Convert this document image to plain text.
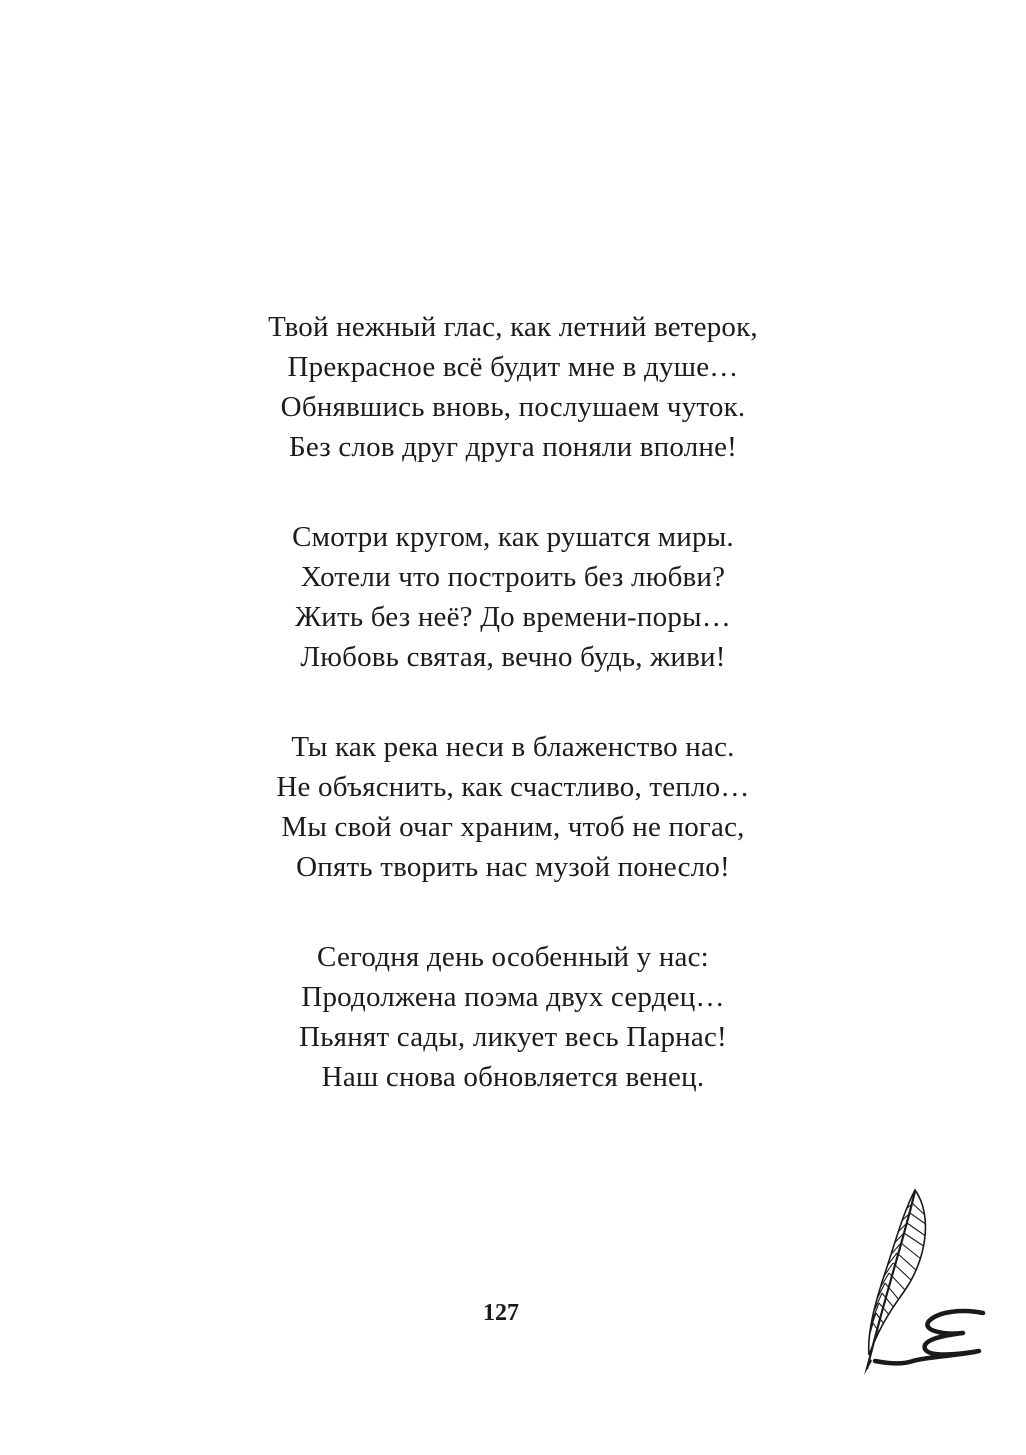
Твой нежный глас, как летний ветерок,
Прекрасное всё будит мне в душе…
Обнявшись вновь, послушаем чуток.
Без слов друг друга поняли вполне!
Смотри кругом, как рушатся миры.
Хотели что построить без любви?
Жить без неё? До времени-поры…
Любовь святая, вечно будь, живи!
Ты как река неси в блаженство нас.
Не объяснить, как счастливо, тепло…
Мы свой очаг храним, чтоб не погас,
Опять творить нас музой понесло!
Сегодня день особенный у нас:
Продолжена поэма двух сердец…
Пьянят сады, ликует весь Парнас!
Наш снова обновляется венец.
127
